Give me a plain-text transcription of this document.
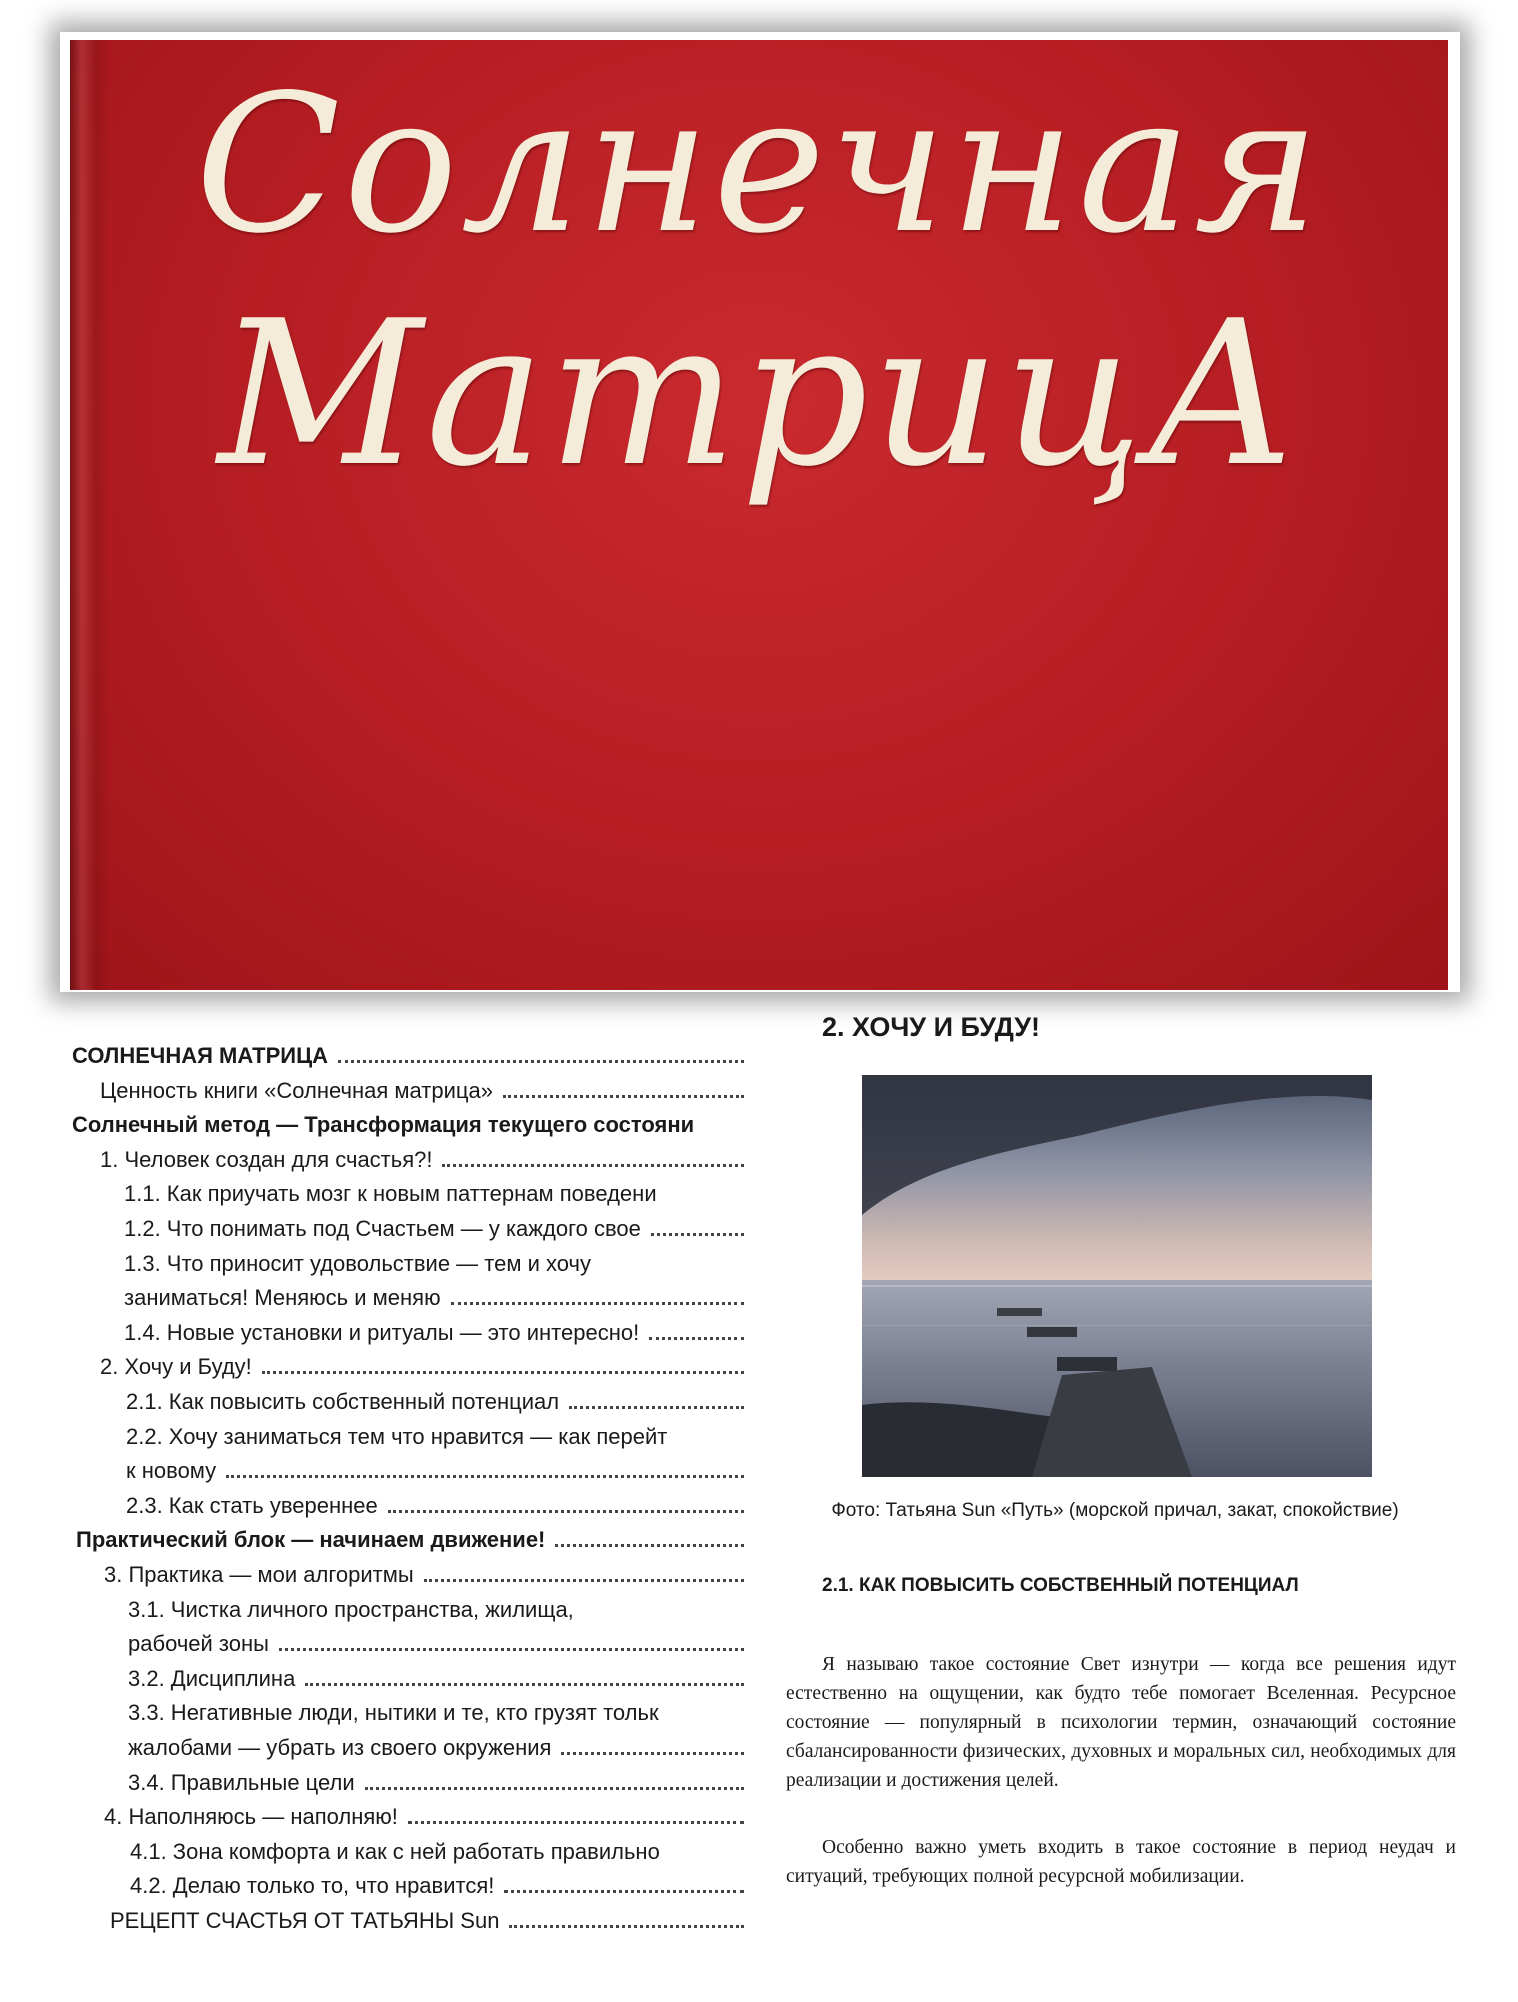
Солнечная
МатрицА
СОЛНЕЧНАЯ МАТРИЦА
Ценность книги «Солнечная матрица»
Солнечный метод — Трансформация текущего состояни
1. Человек создан для счастья?!
1.1. Как приучать мозг к новым паттернам поведени
1.2. Что понимать под Счастьем — у каждого свое
1.3. Что приносит удовольствие — тем и хочу
заниматься! Меняюсь и меняю
1.4. Новые установки и ритуалы — это интересно!
2. Хочу и Буду!
2.1. Как повысить собственный потенциал
2.2. Хочу заниматься тем что нравится — как перейт
к новому
2.3. Как стать увереннее
Практический блок — начинаем движение!
3. Практика — мои алгоритмы
3.1. Чистка личного пространства, жилища,
рабочей зоны
3.2. Дисциплина
3.3. Негативные люди, нытики и те, кто грузят тольк
жалобами — убрать из своего окружения
3.4. Правильные цели
4. Наполняюсь — наполняю!
4.1. Зона комфорта и как с ней работать правильно
4.2. Делаю только то, что нравится!
РЕЦЕПТ СЧАСТЬЯ ОТ ТАТЬЯНЫ Sun
2. ХОЧУ И БУДУ!

Фото: Татьяна Sun «Путь» (морской причал, закат, спокойствие)

2.1. КАК ПОВЫСИТЬ СОБСТВЕННЫЙ ПОТЕНЦИАЛ

Я называю такое состояние Свет изнутри — когда все решения идут естественно на ощущении, как будто тебе помогает Вселенная. Ресурсное состояние — популярный в психологии термин, означающий состояние сбалансированности физических, духовных и моральных сил, необходимых для реализации и достижения целей.

Особенно важно уметь входить в такое состояние в период неудач и ситуаций, требующих полной ресурсной мобилизации.
